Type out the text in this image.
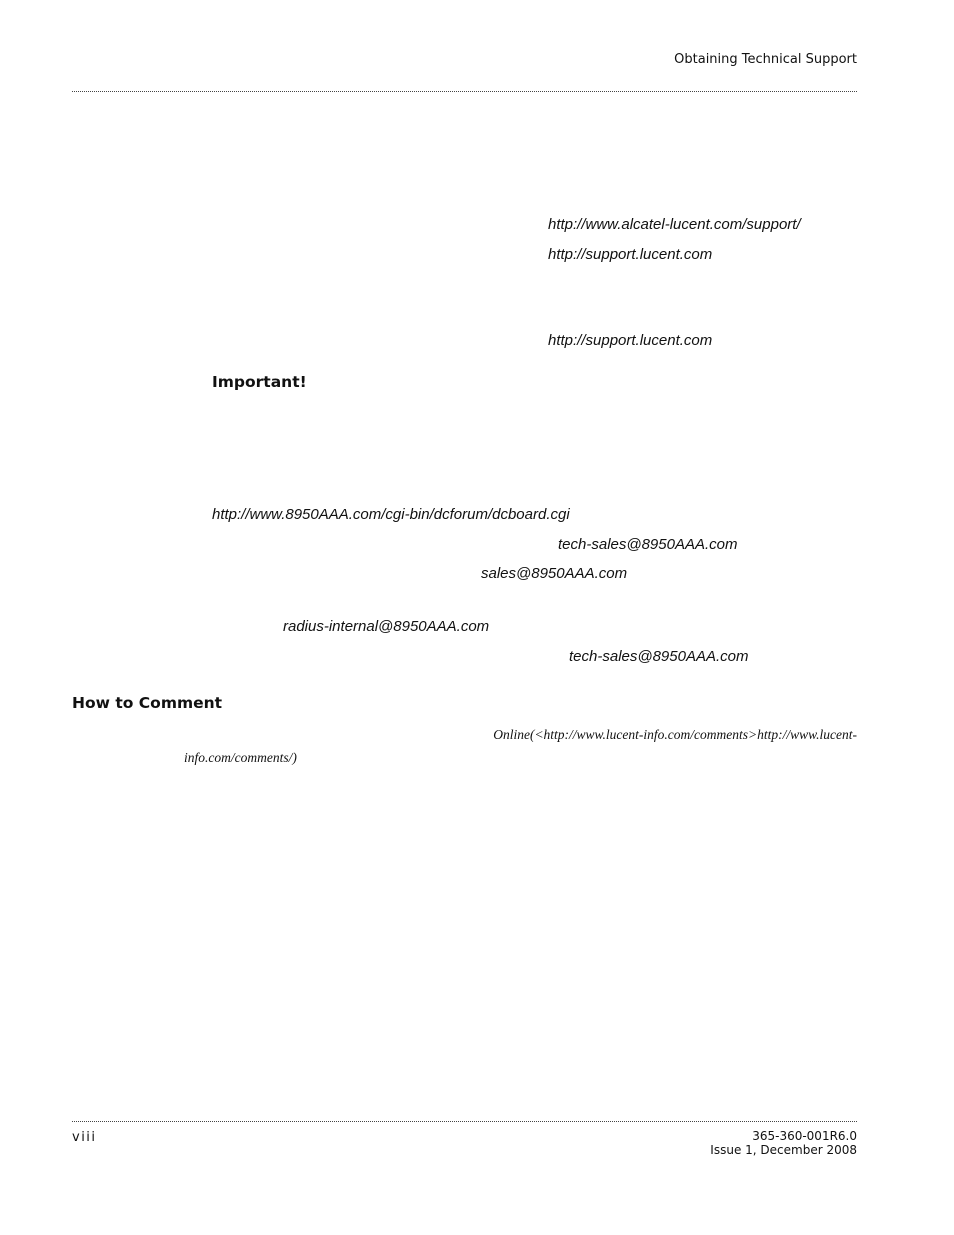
Obtaining Technical Support
http://www.alcatel-lucent.com/support/
http://support.lucent.com
http://support.lucent.com
Important!
http://www.8950AAA.com/cgi-bin/dcforum/dcboard.cgi
tech-sales@8950AAA.com
sales@8950AAA.com
radius-internal@8950AAA.com
tech-sales@8950AAA.com
How to Comment
Online(<http://www.lucent-info.com/comments>http://www.lucent-
info.com/comments/)
viii	365-360-001R6.0
Issue 1, December 2008
